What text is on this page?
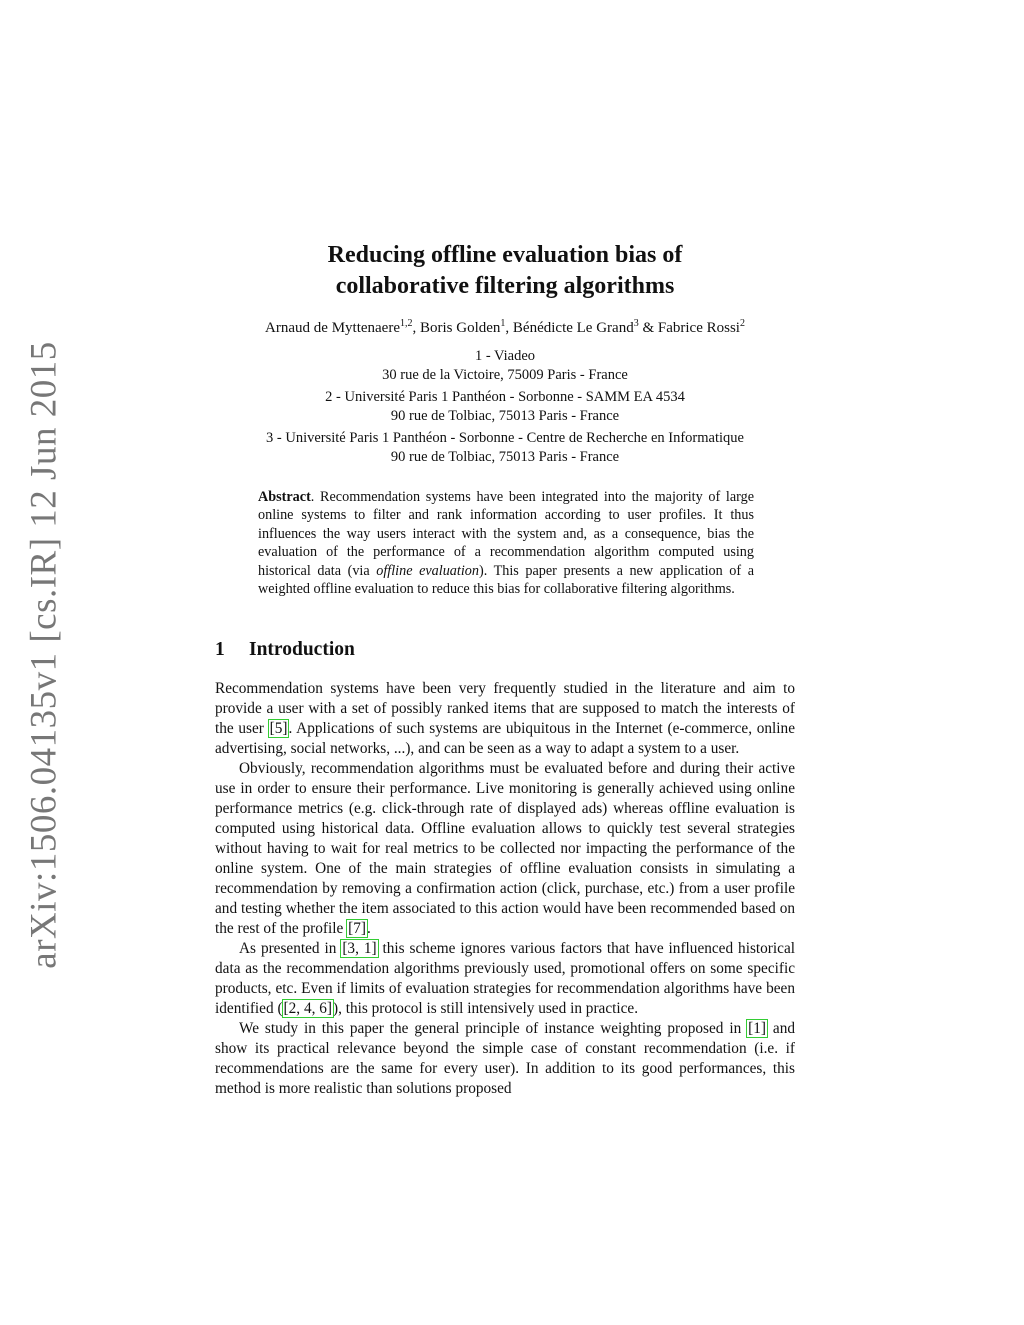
arXiv:1506.04135v1 [cs.IR] 12 Jun 2015
Reducing offline evaluation bias of
collaborative filtering algorithms
Arnaud de Myttenaere$^{1,2}$, Boris Golden$^1$, Bénédicte Le Grand$^3$ & Fabrice Rossi$^2$
1 - Viadeo
30 rue de la Victoire, 75009 Paris - France
2 - Université Paris 1 Panthéon - Sorbonne - SAMM EA 4534
90 rue de Tolbiac, 75013 Paris - France
3 - Université Paris 1 Panthéon - Sorbonne - Centre de Recherche en Informatique
90 rue de Tolbiac, 75013 Paris - France
Abstract. Recommendation systems have been integrated into the majority of large online systems to filter and rank information according to user profiles. It thus influences the way users interact with the system and, as a consequence, bias the evaluation of the performance of a recommendation algorithm computed using historical data (via offline evaluation). This paper presents a new application of a weighted offline evaluation to reduce this bias for collaborative filtering algorithms.
1 Introduction

Recommendation systems have been very frequently studied in the literature and aim to provide a user with a set of possibly ranked items that are supposed to match the interests of the user [5]. Applications of such systems are ubiquitous in the Internet (e-commerce, online advertising, social networks, ...), and can be seen as a way to adapt a system to a user.

Obviously, recommendation algorithms must be evaluated before and during their active use in order to ensure their performance. Live monitoring is generally achieved using online performance metrics (e.g. click-through rate of displayed ads) whereas offline evaluation is computed using historical data. Offline evaluation allows to quickly test several strategies without having to wait for real metrics to be collected nor impacting the performance of the online system. One of the main strategies of offline evaluation consists in simulating a recommendation by removing a confirmation action (click, purchase, etc.) from a user profile and testing whether the item associated to this action would have been recommended based on the rest of the profile [7].

As presented in [3, 1] this scheme ignores various factors that have influenced historical data as the recommendation algorithms previously used, promotional offers on some specific products, etc. Even if limits of evaluation strategies for recommendation algorithms have been identified ([2, 4, 6]), this protocol is still intensively used in practice.

We study in this paper the general principle of instance weighting proposed in [1] and show its practical relevance beyond the simple case of constant recommendation (i.e. if recommendations are the same for every user). In addition to its good performances, this method is more realistic than solutions proposed
